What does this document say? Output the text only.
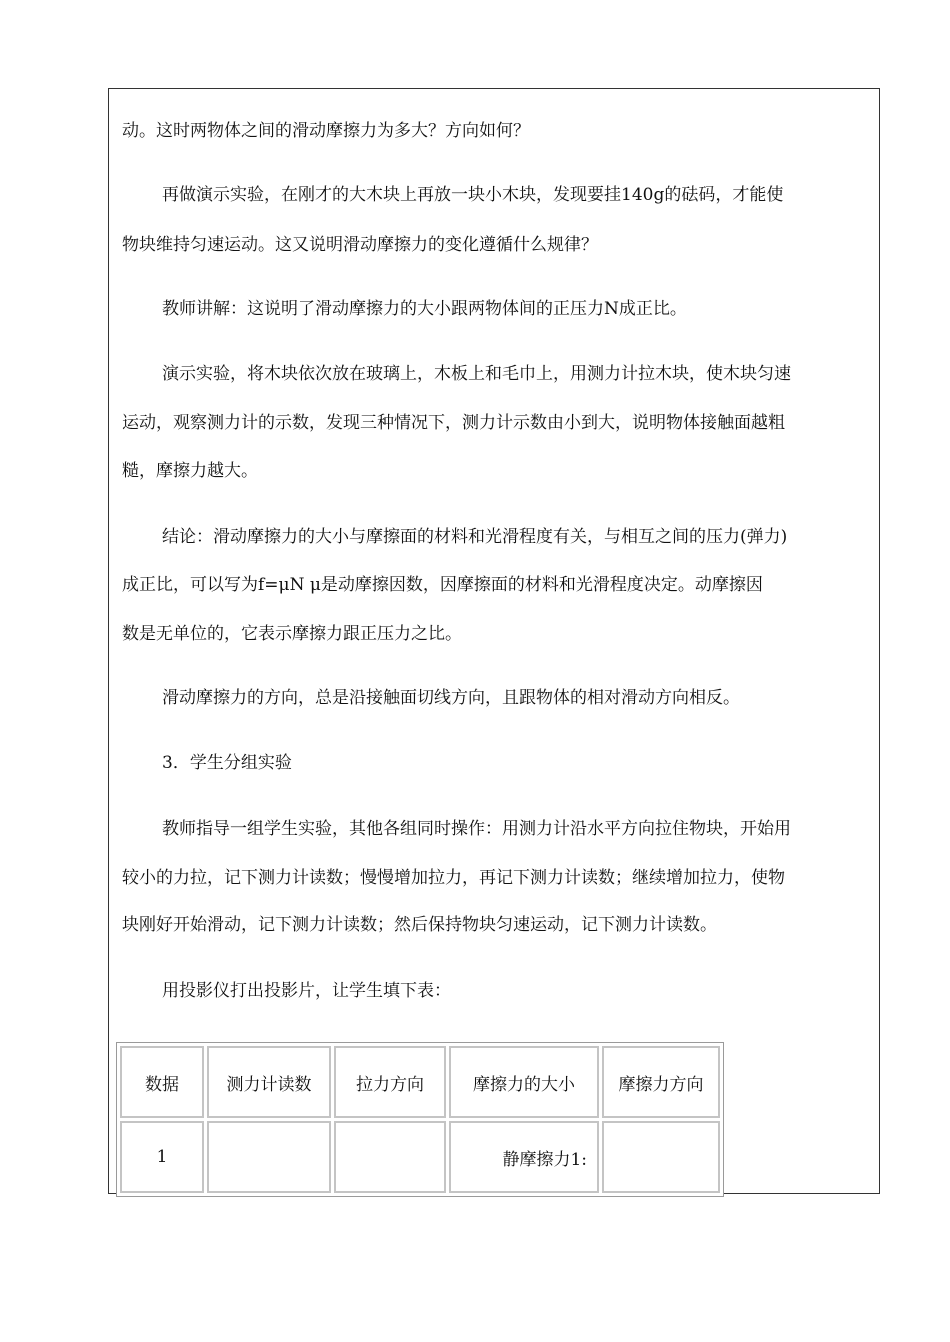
动。这时两物体之间的滑动摩擦力为多大？方向如何？
再做演示实验，在刚才的大木块上再放一块小木块，发现要挂140g的砝码，才能使
物块维持匀速运动。这又说明滑动摩擦力的变化遵循什么规律？
教师讲解：这说明了滑动摩擦力的大小跟两物体间的正压力N成正比。
演示实验，将木块依次放在玻璃上，木板上和毛巾上，用测力计拉木块，使木块匀速
运动，观察测力计的示数，发现三种情况下，测力计示数由小到大，说明物体接触面越粗
糙，摩擦力越大。
结论：滑动摩擦力的大小与摩擦面的材料和光滑程度有关，与相互之间的压力(弹力)
成正比，可以写为f=μN μ是动摩擦因数，因摩擦面的材料和光滑程度决定。动摩擦因
数是无单位的，它表示摩擦力跟正压力之比。
滑动摩擦力的方向，总是沿接触面切线方向，且跟物体的相对滑动方向相反。
3．学生分组实验
教师指导一组学生实验，其他各组同时操作：用测力计沿水平方向拉住物块，开始用
较小的力拉，记下测力计读数；慢慢增加拉力，再记下测力计读数；继续增加拉力，使物
块刚好开始滑动，记下测力计读数；然后保持物块匀速运动，记下测力计读数。
用投影仪打出投影片，让学生填下表：
数据	测力计读数	拉力方向	摩擦力的大小	摩擦力方向
1			静摩擦力1:	
